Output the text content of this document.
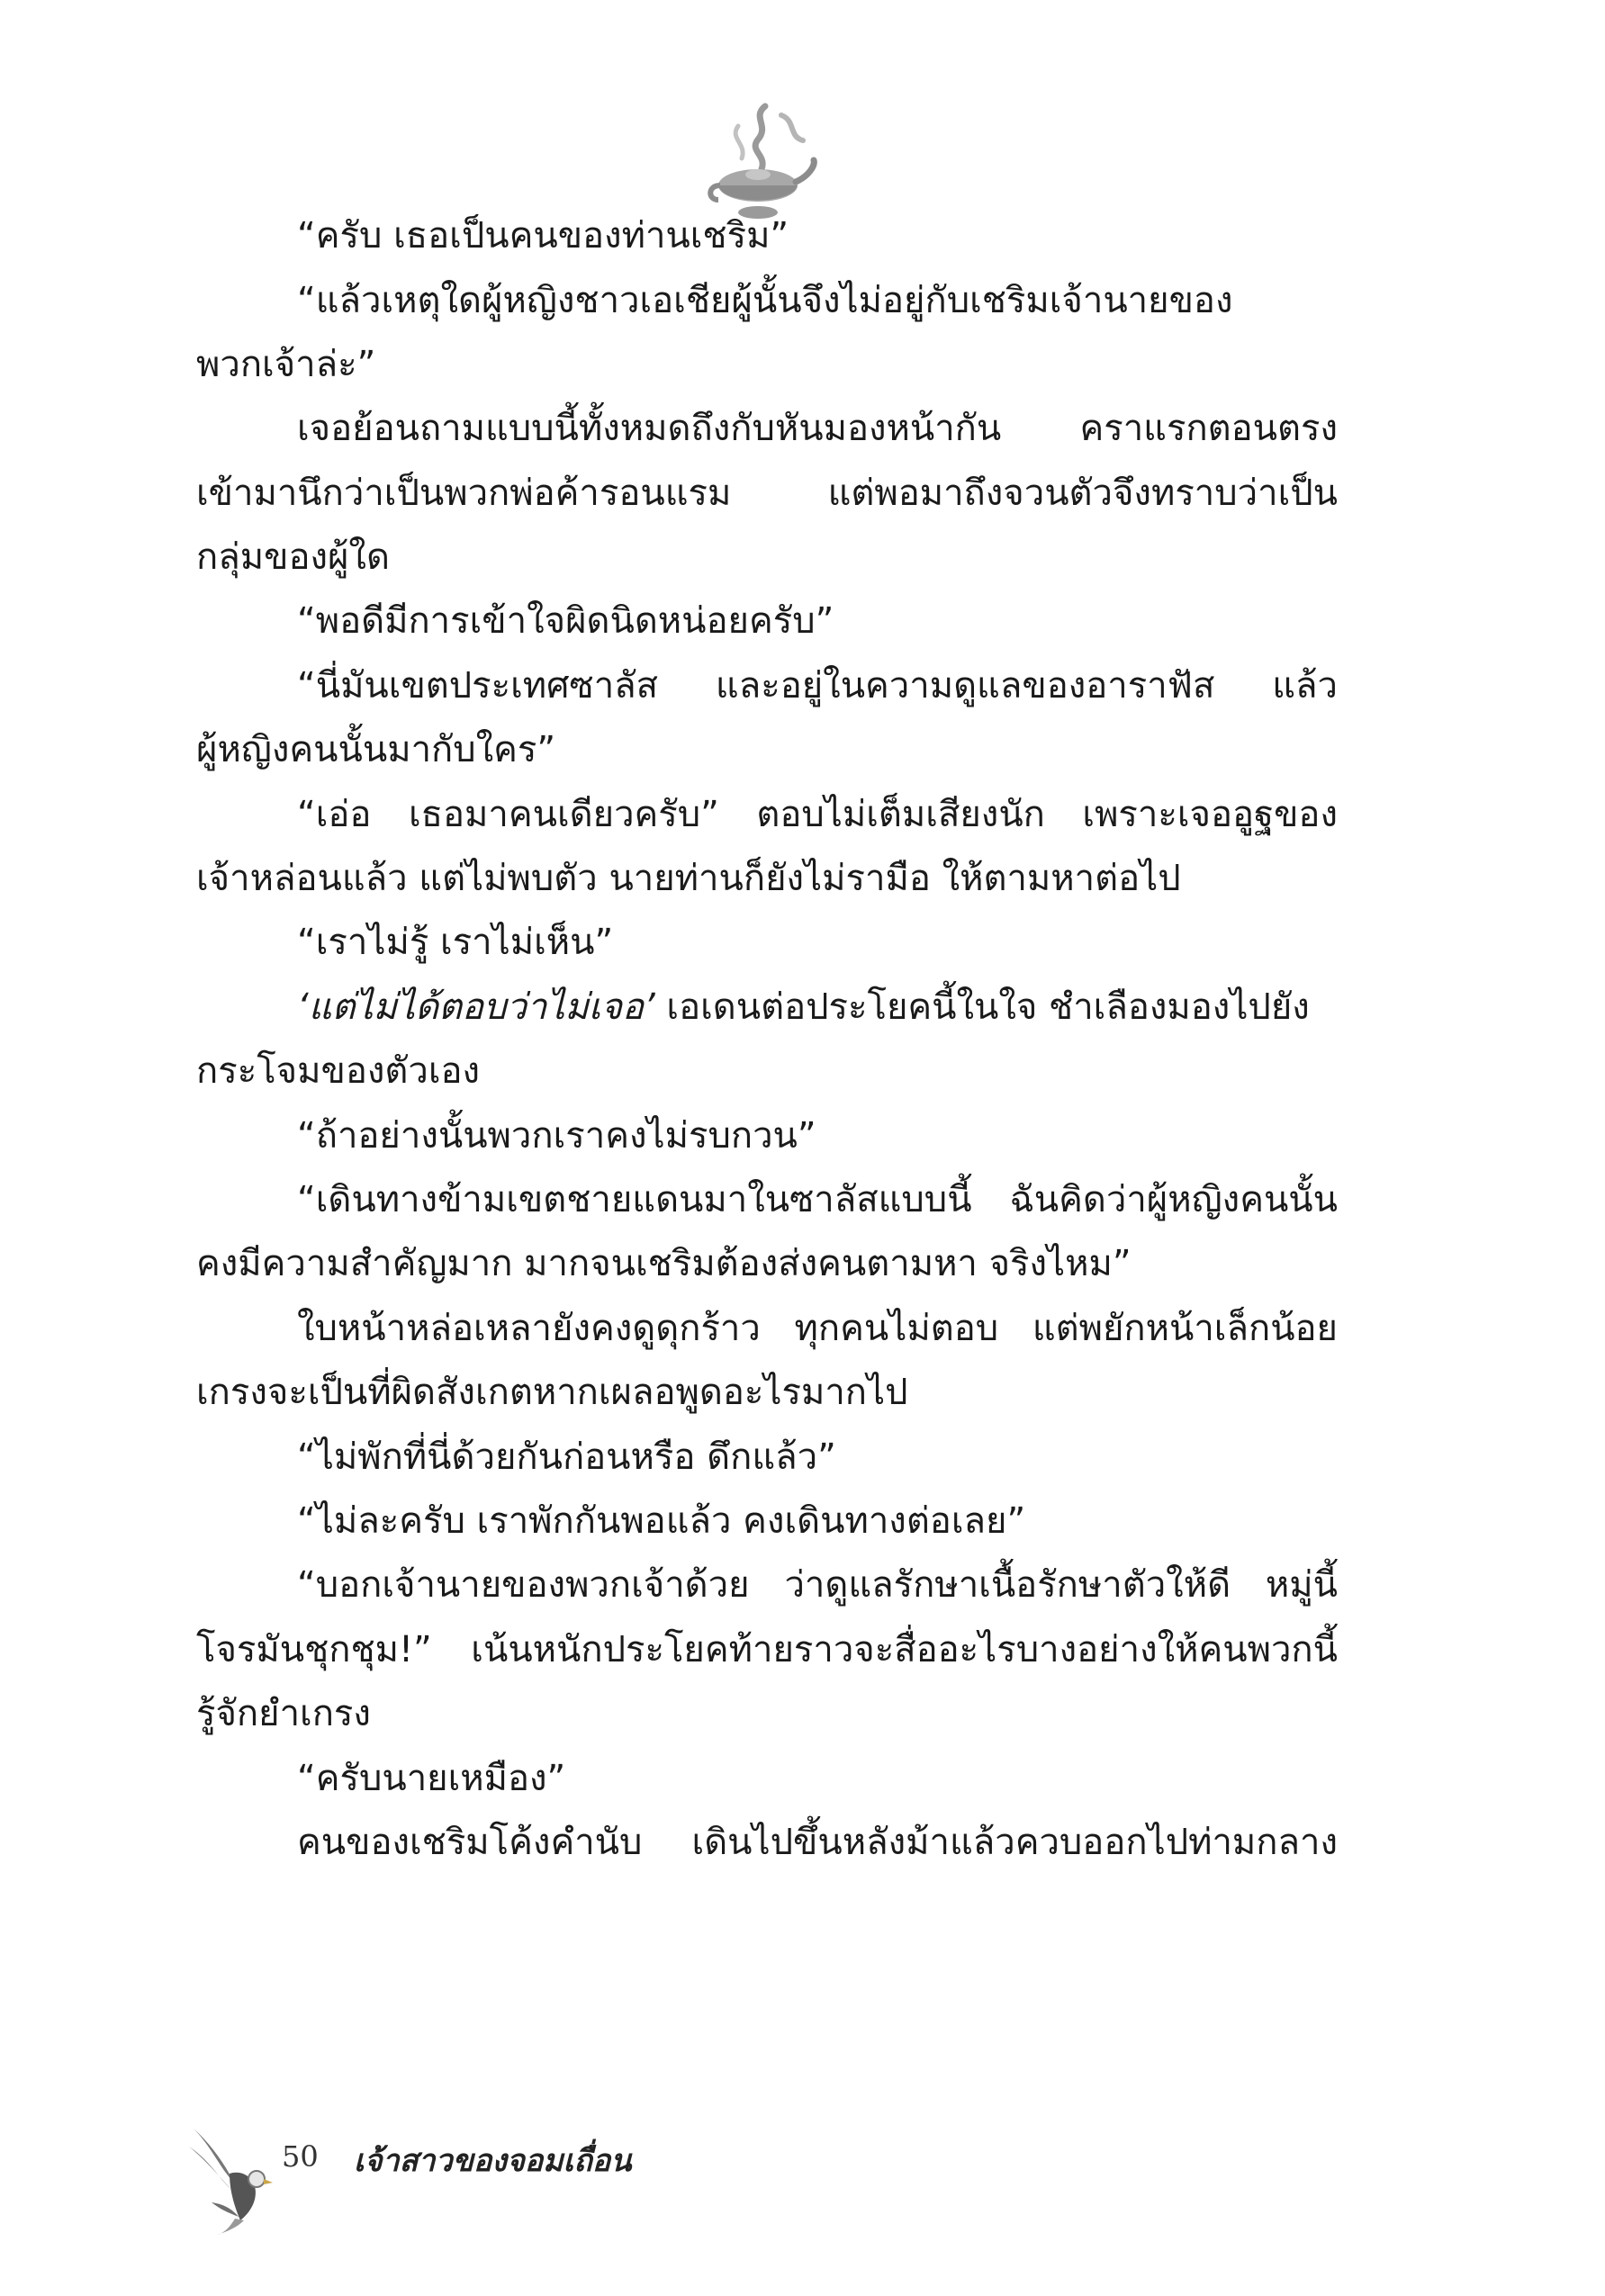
“ครับ เธอเป็นคนของท่านเชริม”
“แล้วเหตุใดผู้หญิงชาวเอเชียผู้นั้นจึงไม่อยู่กับเชริมเจ้านายของ
พวกเจ้าล่ะ”
เจอย้อนถามแบบนี้ทั้งหมดถึงกับหันมองหน้ากัน คราแรกตอนตรง
เข้ามานึกว่าเป็นพวกพ่อค้ารอนแรม แต่พอมาถึงจวนตัวจึงทราบว่าเป็น
กลุ่มของผู้ใด
“พอดีมีการเข้าใจผิดนิดหน่อยครับ”
“นี่มันเขตประเทศซาลัส และอยู่ในความดูแลของอาราฟัส แล้ว
ผู้หญิงคนนั้นมากับใคร”
“เอ่อ เธอมาคนเดียวครับ” ตอบไม่เต็มเสียงนัก เพราะเจออูฐของ
เจ้าหล่อนแล้ว แต่ไม่พบตัว นายท่านก็ยังไม่รามือ ให้ตามหาต่อไป
“เราไม่รู้ เราไม่เห็น”
‘แต่ไม่ได้ตอบว่าไม่เจอ’ เอเดนต่อประโยคนี้ในใจ ชำเลืองมองไปยัง
กระโจมของตัวเอง
“ถ้าอย่างนั้นพวกเราคงไม่รบกวน”
“เดินทางข้ามเขตชายแดนมาในซาลัสแบบนี้ ฉันคิดว่าผู้หญิงคนนั้น
คงมีความสำคัญมาก มากจนเชริมต้องส่งคนตามหา จริงไหม”
ใบหน้าหล่อเหลายังคงดูดุกร้าว ทุกคนไม่ตอบ แต่พยักหน้าเล็กน้อย
เกรงจะเป็นที่ผิดสังเกตหากเผลอพูดอะไรมากไป
“ไม่พักที่นี่ด้วยกันก่อนหรือ ดึกแล้ว”
“ไม่ละครับ เราพักกันพอแล้ว คงเดินทางต่อเลย”
“บอกเจ้านายของพวกเจ้าด้วย ว่าดูแลรักษาเนื้อรักษาตัวให้ดี หมู่นี้
โจรมันชุกชุม!” เน้นหนักประโยคท้ายราวจะสื่ออะไรบางอย่างให้คนพวกนี้
รู้จักยำเกรง
“ครับนายเหมือง”
คนของเชริมโค้งคำนับ เดินไปขึ้นหลังม้าแล้วควบออกไปท่ามกลาง
50 เจ้าสาวของจอมเถื่อน
